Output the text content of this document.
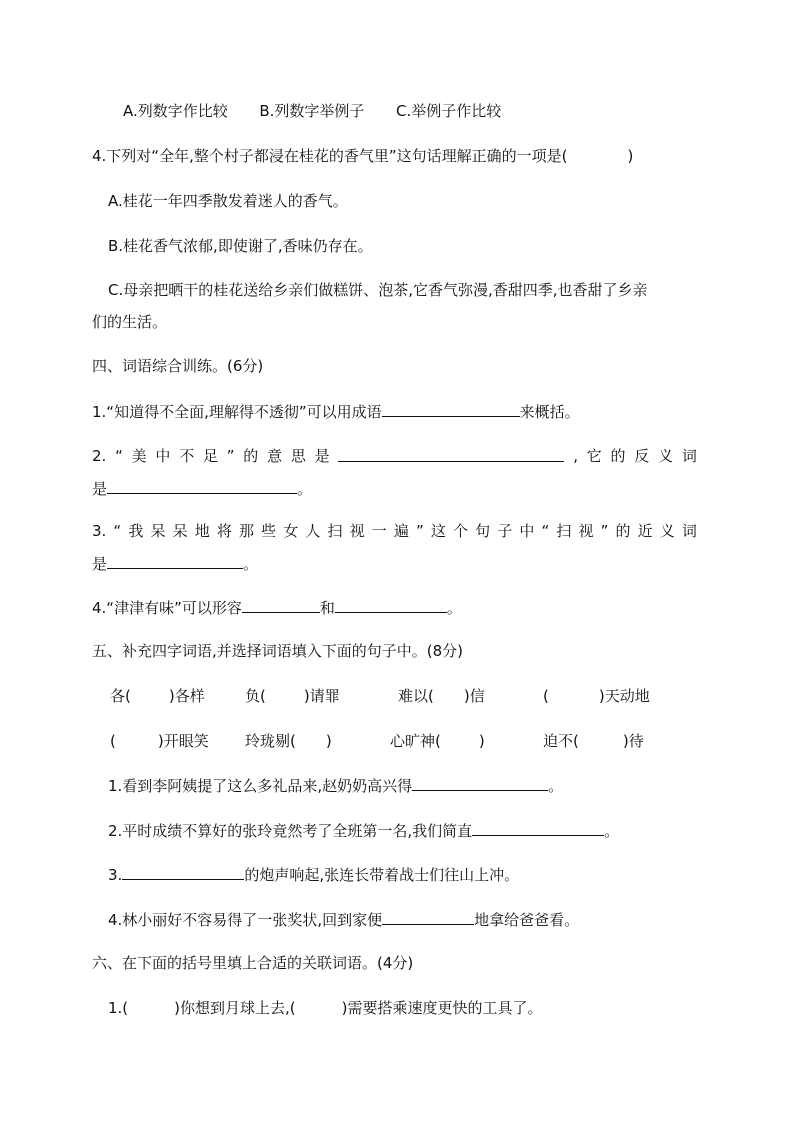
A.列数字作比较 B.列数字举例子 C.举例子作比较
4.下列对“全年,整个村子都浸在桂花的香气里”这句话理解正确的一项是(	)
A.桂花一年四季散发着迷人的香气。
B.桂花香气浓郁,即使谢了,香味仍存在。
C.母亲把晒干的桂花送给乡亲们做糕饼、泡茶,它香气弥漫,香甜四季,也香甜了乡亲
们的生活。
四、词语综合训练。(6分)
1.“知道得不全面,理解得不透彻”可以用成语	来概括。
2. “ 美 中 不 足 ” 的 意 思 是	, 它 的 反 义 词
是	。
3. “ 我 呆 呆 地 将 那 些 女 人 扫 视 一 遍 ” 这 个 句 子 中 “ 扫 视 ” 的 近 义 词
是	。
4.“津津有味”可以形容	和	。
五、补充四字词语,并选择词语填入下面的句子中。(8分)
各(	)各样	负(	)请罪	难以( )信	(	)天动地
(	)开眼笑 玲珑剔( )	心旷神(	)	迫不(	)待
1.看到李阿姨提了这么多礼品来,赵奶奶高兴得	。
2.平时成绩不算好的张玲竟然考了全班第一名,我们简直	。
3.	的炮声响起,张连长带着战士们往山上冲。
4.林小丽好不容易得了一张奖状,回到家便	地拿给爸爸看。
六、在下面的括号里填上合适的关联词语。(4分)
1.(	)你想到月球上去,(	)需要搭乘速度更快的工具了。
